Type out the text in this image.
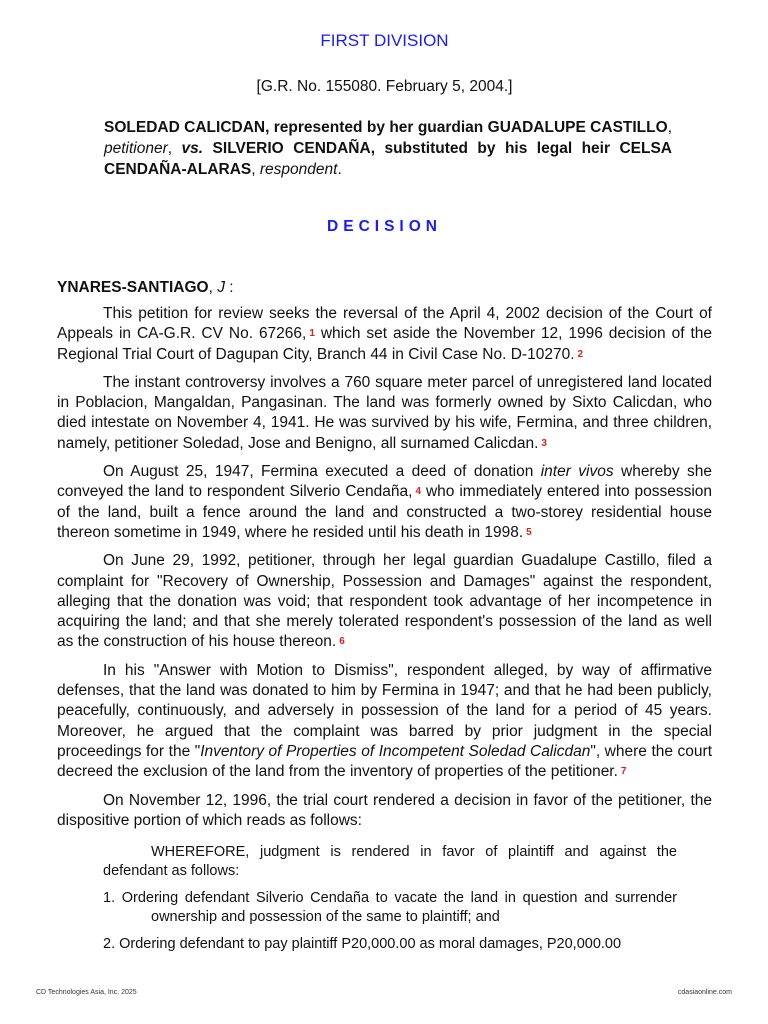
FIRST DIVISION
[G.R. No. 155080. February 5, 2004.]
SOLEDAD CALICDAN, represented by her guardian GUADALUPE CASTILLO, petitioner, vs. SILVERIO CENDAÑA, substituted by his legal heir CELSA CENDAÑA-ALARAS, respondent.
DECISION
YNARES-SANTIAGO, J :

This petition for review seeks the reversal of the April 4, 2002 decision of the Court of Appeals in CA-G.R. CV No. 67266, 1 which set aside the November 12, 1996 decision of the Regional Trial Court of Dagupan City, Branch 44 in Civil Case No. D-10270. 2

The instant controversy involves a 760 square meter parcel of unregistered land located in Poblacion, Mangaldan, Pangasinan. The land was formerly owned by Sixto Calicdan, who died intestate on November 4, 1941. He was survived by his wife, Fermina, and three children, namely, petitioner Soledad, Jose and Benigno, all surnamed Calicdan. 3

On August 25, 1947, Fermina executed a deed of donation inter vivos whereby she conveyed the land to respondent Silverio Cendaña, 4 who immediately entered into possession of the land, built a fence around the land and constructed a two-storey residential house thereon sometime in 1949, where he resided until his death in 1998. 5

On June 29, 1992, petitioner, through her legal guardian Guadalupe Castillo, filed a complaint for "Recovery of Ownership, Possession and Damages" against the respondent, alleging that the donation was void; that respondent took advantage of her incompetence in acquiring the land; and that she merely tolerated respondent's possession of the land as well as the construction of his house thereon. 6

In his "Answer with Motion to Dismiss", respondent alleged, by way of affirmative defenses, that the land was donated to him by Fermina in 1947; and that he had been publicly, peacefully, continuously, and adversely in possession of the land for a period of 45 years. Moreover, he argued that the complaint was barred by prior judgment in the special proceedings for the "Inventory of Properties of Incompetent Soledad Calicdan", where the court decreed the exclusion of the land from the inventory of properties of the petitioner. 7

On November 12, 1996, the trial court rendered a decision in favor of the petitioner, the dispositive portion of which reads as follows:

WHEREFORE, judgment is rendered in favor of plaintiff and against the defendant as follows:
1. Ordering defendant Silverio Cendaña to vacate the land in question and surrender ownership and possession of the same to plaintiff; and
2. Ordering defendant to pay plaintiff P20,000.00 as moral damages, P20,000.00
CD Technologies Asia, Inc. 2025	cdasiaonline.com
